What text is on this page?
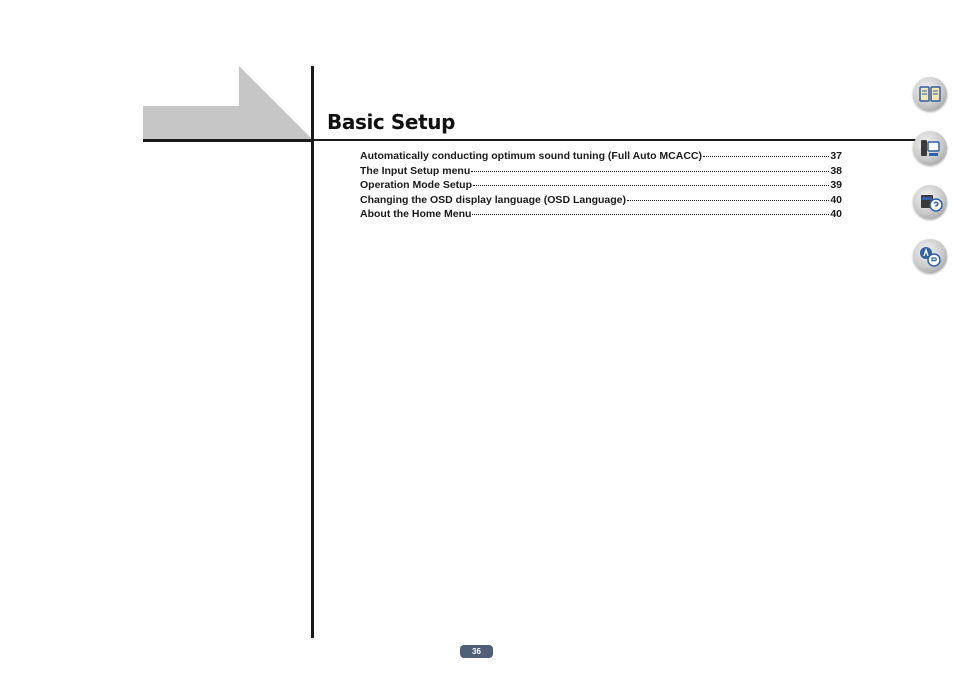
Basic Setup
Automatically conducting optimum sound tuning (Full Auto MCACC)	37
The Input Setup menu	38
Operation Mode Setup	39
Changing the OSD display language (OSD Language)	40
About the Home Menu	40
36
